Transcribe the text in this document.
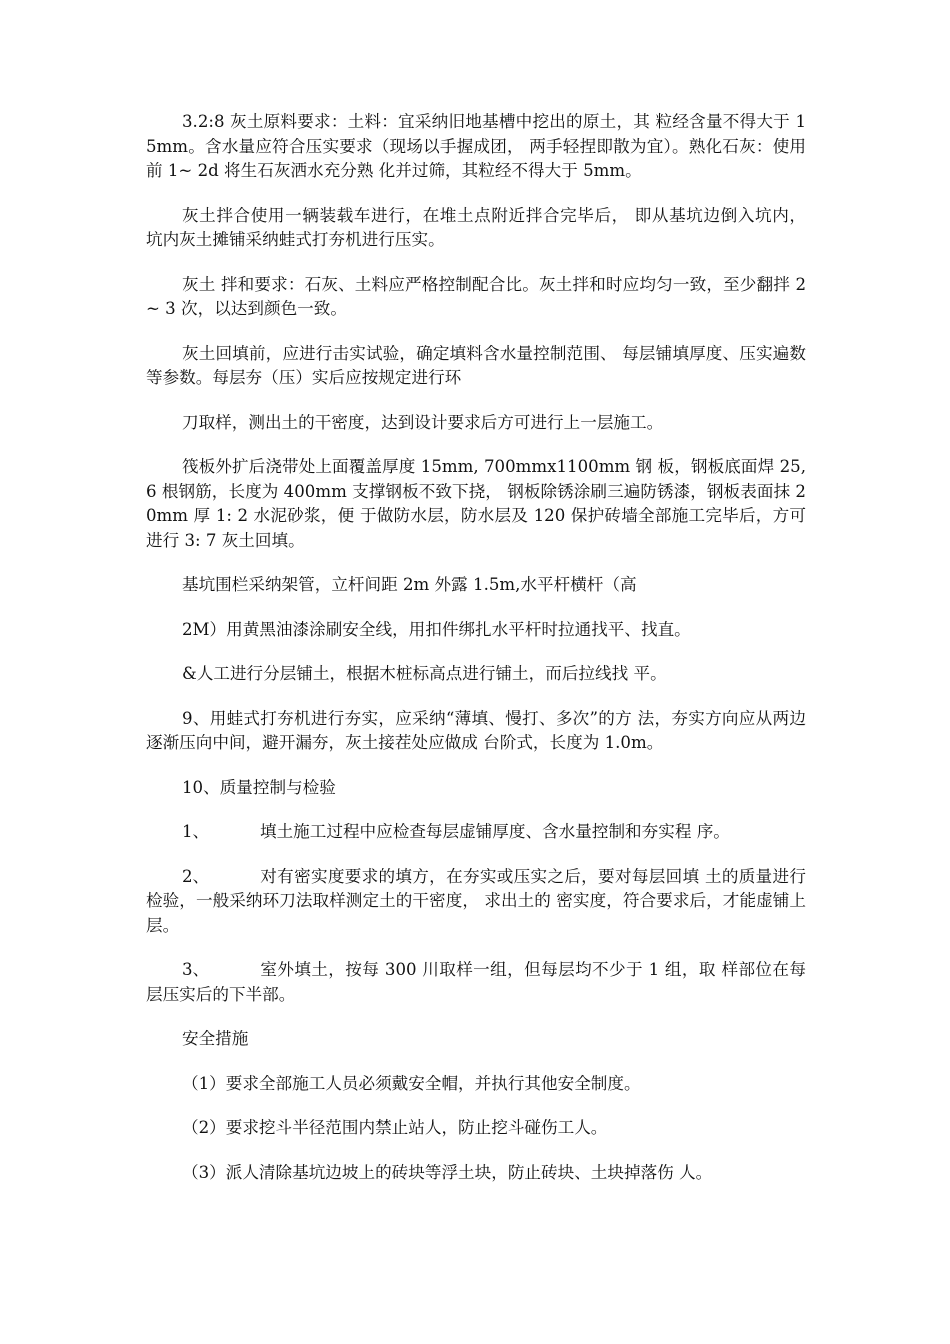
3.2:8 灰土原料要求：土料：宜采纳旧地基槽中挖出的原土，其 粒经含量不得大于 15mm。含水量应符合压实要求（现场以手握成团， 两手轻捏即散为宜）。熟化石灰：使用前 1~ 2d 将生石灰洒水充分熟 化并过筛，其粒经不得大于 5mm。

灰土拌合使用一辆装载车进行，在堆土点附近拌合完毕后， 即从基坑边倒入坑内， 坑内灰土摊铺采纳蛙式打夯机进行压实。

灰土 拌和要求：石灰、土料应严格控制配合比。灰土拌和时应均匀一致，至少翻拌 2 ~ 3 次，以达到颜色一致。

灰土回填前，应进行击实试验，确定填料含水量控制范围、 每层铺填厚度、压实遍数等参数。每层夯（压）实后应按规定进行环

刀取样，测出土的干密度，达到设计要求后方可进行上一层施工。

筏板外扩后浇带处上面覆盖厚度 15mm, 700mmx1100mm 钢 板，钢板底面焊 25, 6 根钢筋，长度为 400mm 支撑钢板不致下挠， 钢板除锈涂刷三遍防锈漆，钢板表面抹 20mm 厚 1: 2 水泥砂浆，便 于做防水层，防水层及 120 保护砖墙全部施工完毕后，方可进行 3: 7 灰土回填。

基坑围栏采纳架管，立杆间距 2m 外露 1.5m,水平杆横杆（高

2M）用黄黑油漆涂刷安全线，用扣件绑扎水平杆时拉通找平、找直。

&人工进行分层铺土，根据木桩标高点进行铺土，而后拉线找 平。

9、用蛙式打夯机进行夯实，应采纳“薄填、慢打、多次”的方 法，夯实方向应从两边逐渐压向中间，避开漏夯，灰土接茬处应做成 台阶式，长度为 1.0m。

10、质量控制与检验

1、	填土施工过程中应检查每层虚铺厚度、含水量控制和夯实程 序。

2、	对有密实度要求的填方，在夯实或压实之后，要对每层回填 土的质量进行检验，一般采纳环刀法取样测定土的干密度， 求出土的 密实度，符合要求后，才能虚铺上层。

3、	室外填土，按每 300 川取样一组，但每层均不少于 1 组，取 样部位在每层压实后的下半部。

安全措施

（1）要求全部施工人员必须戴安全帽，并执行其他安全制度。

（2）要求挖斗半径范围内禁止站人，防止挖斗碰伤工人。

（3）派人清除基坑边坡上的砖块等浮土块，防止砖块、土块掉落伤 人。
